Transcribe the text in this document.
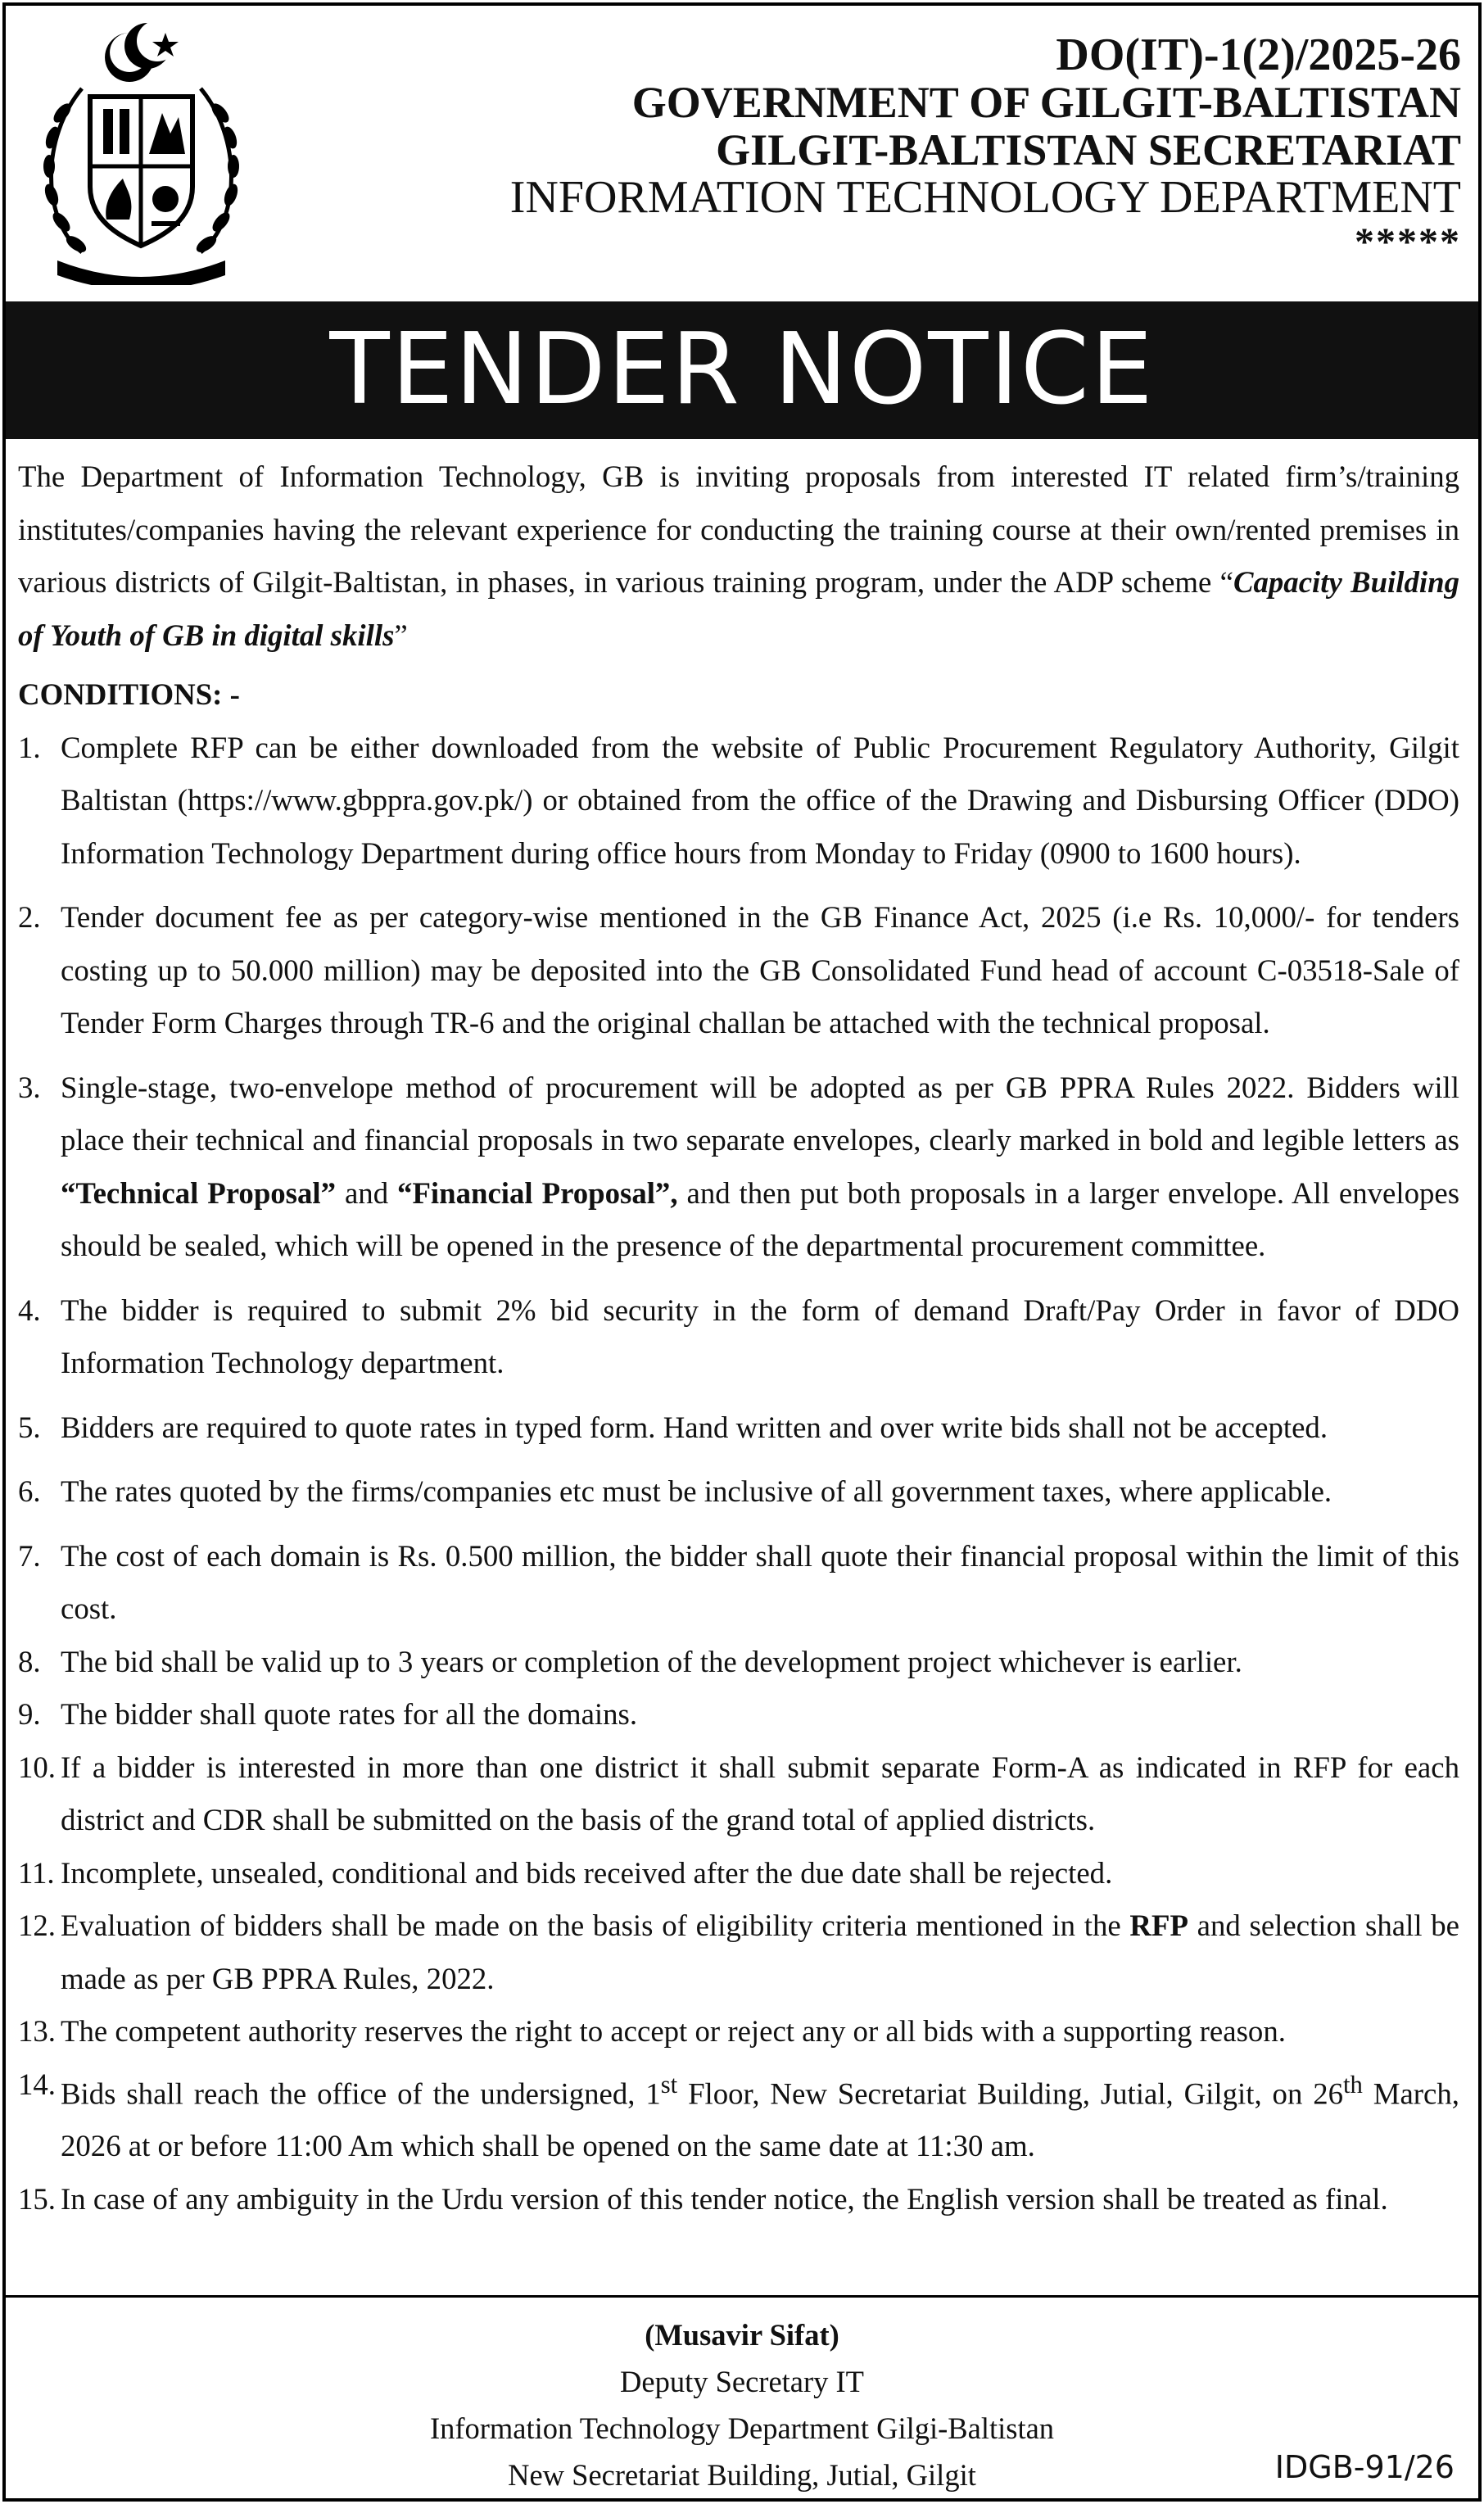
DO(IT)-1(2)/2025-26
GOVERNMENT OF GILGIT-BALTISTAN
GILGIT-BALTISTAN SECRETARIAT
INFORMATION TECHNOLOGY DEPARTMENT
*****
TENDER NOTICE
The Department of Information Technology, GB is inviting proposals from interested IT related firm’s/training institutes/companies having the relevant experience for conducting the training course at their own/rented premises in various districts of Gilgit-Baltistan, in phases, in various training program, under the ADP scheme “Capacity Building of Youth of GB in digital skills”
CONDITIONS: -
1. Complete RFP can be either downloaded from the website of Public Procurement Regulatory Authority, Gilgit Baltistan (https://www.gbppra.gov.pk/) or obtained from the office of the Drawing and Disbursing Officer (DDO) Information Technology Department during office hours from Monday to Friday (0900 to 1600 hours).
2. Tender document fee as per category-wise mentioned in the GB Finance Act, 2025 (i.e Rs. 10,000/- for tenders costing up to 50.000 million) may be deposited into the GB Consolidated Fund head of account C-03518-Sale of Tender Form Charges through TR-6 and the original challan be attached with the technical proposal.
3. Single-stage, two-envelope method of procurement will be adopted as per GB PPRA Rules 2022. Bidders will place their technical and financial proposals in two separate envelopes, clearly marked in bold and legible letters as “Technical Proposal” and “Financial Proposal”, and then put both proposals in a larger envelope. All envelopes should be sealed, which will be opened in the presence of the departmental procurement committee.
4. The bidder is required to submit 2% bid security in the form of demand Draft/Pay Order in favor of DDO Information Technology department.
5. Bidders are required to quote rates in typed form. Hand written and over write bids shall not be accepted.
6. The rates quoted by the firms/companies etc must be inclusive of all government taxes, where applicable.
7. The cost of each domain is Rs. 0.500 million, the bidder shall quote their financial proposal within the limit of this cost.
8. The bid shall be valid up to 3 years or completion of the development project whichever is earlier.
9. The bidder shall quote rates for all the domains.
10. If a bidder is interested in more than one district it shall submit separate Form-A as indicated in RFP for each district and CDR shall be submitted on the basis of the grand total of applied districts.
11. Incomplete, unsealed, conditional and bids received after the due date shall be rejected.
12. Evaluation of bidders shall be made on the basis of eligibility criteria mentioned in the RFP and selection shall be made as per GB PPRA Rules, 2022.
13. The competent authority reserves the right to accept or reject any or all bids with a supporting reason.
14. Bids shall reach the office of the undersigned, 1st Floor, New Secretariat Building, Jutial, Gilgit, on 26th March, 2026 at or before 11:00 Am which shall be opened on the same date at 11:30 am.
15. In case of any ambiguity in the Urdu version of this tender notice, the English version shall be treated as final.
(Musavir Sifat)
Deputy Secretary IT
Information Technology Department Gilgi-Baltistan
New Secretariat Building, Jutial, Gilgit	IDGB-91/26
